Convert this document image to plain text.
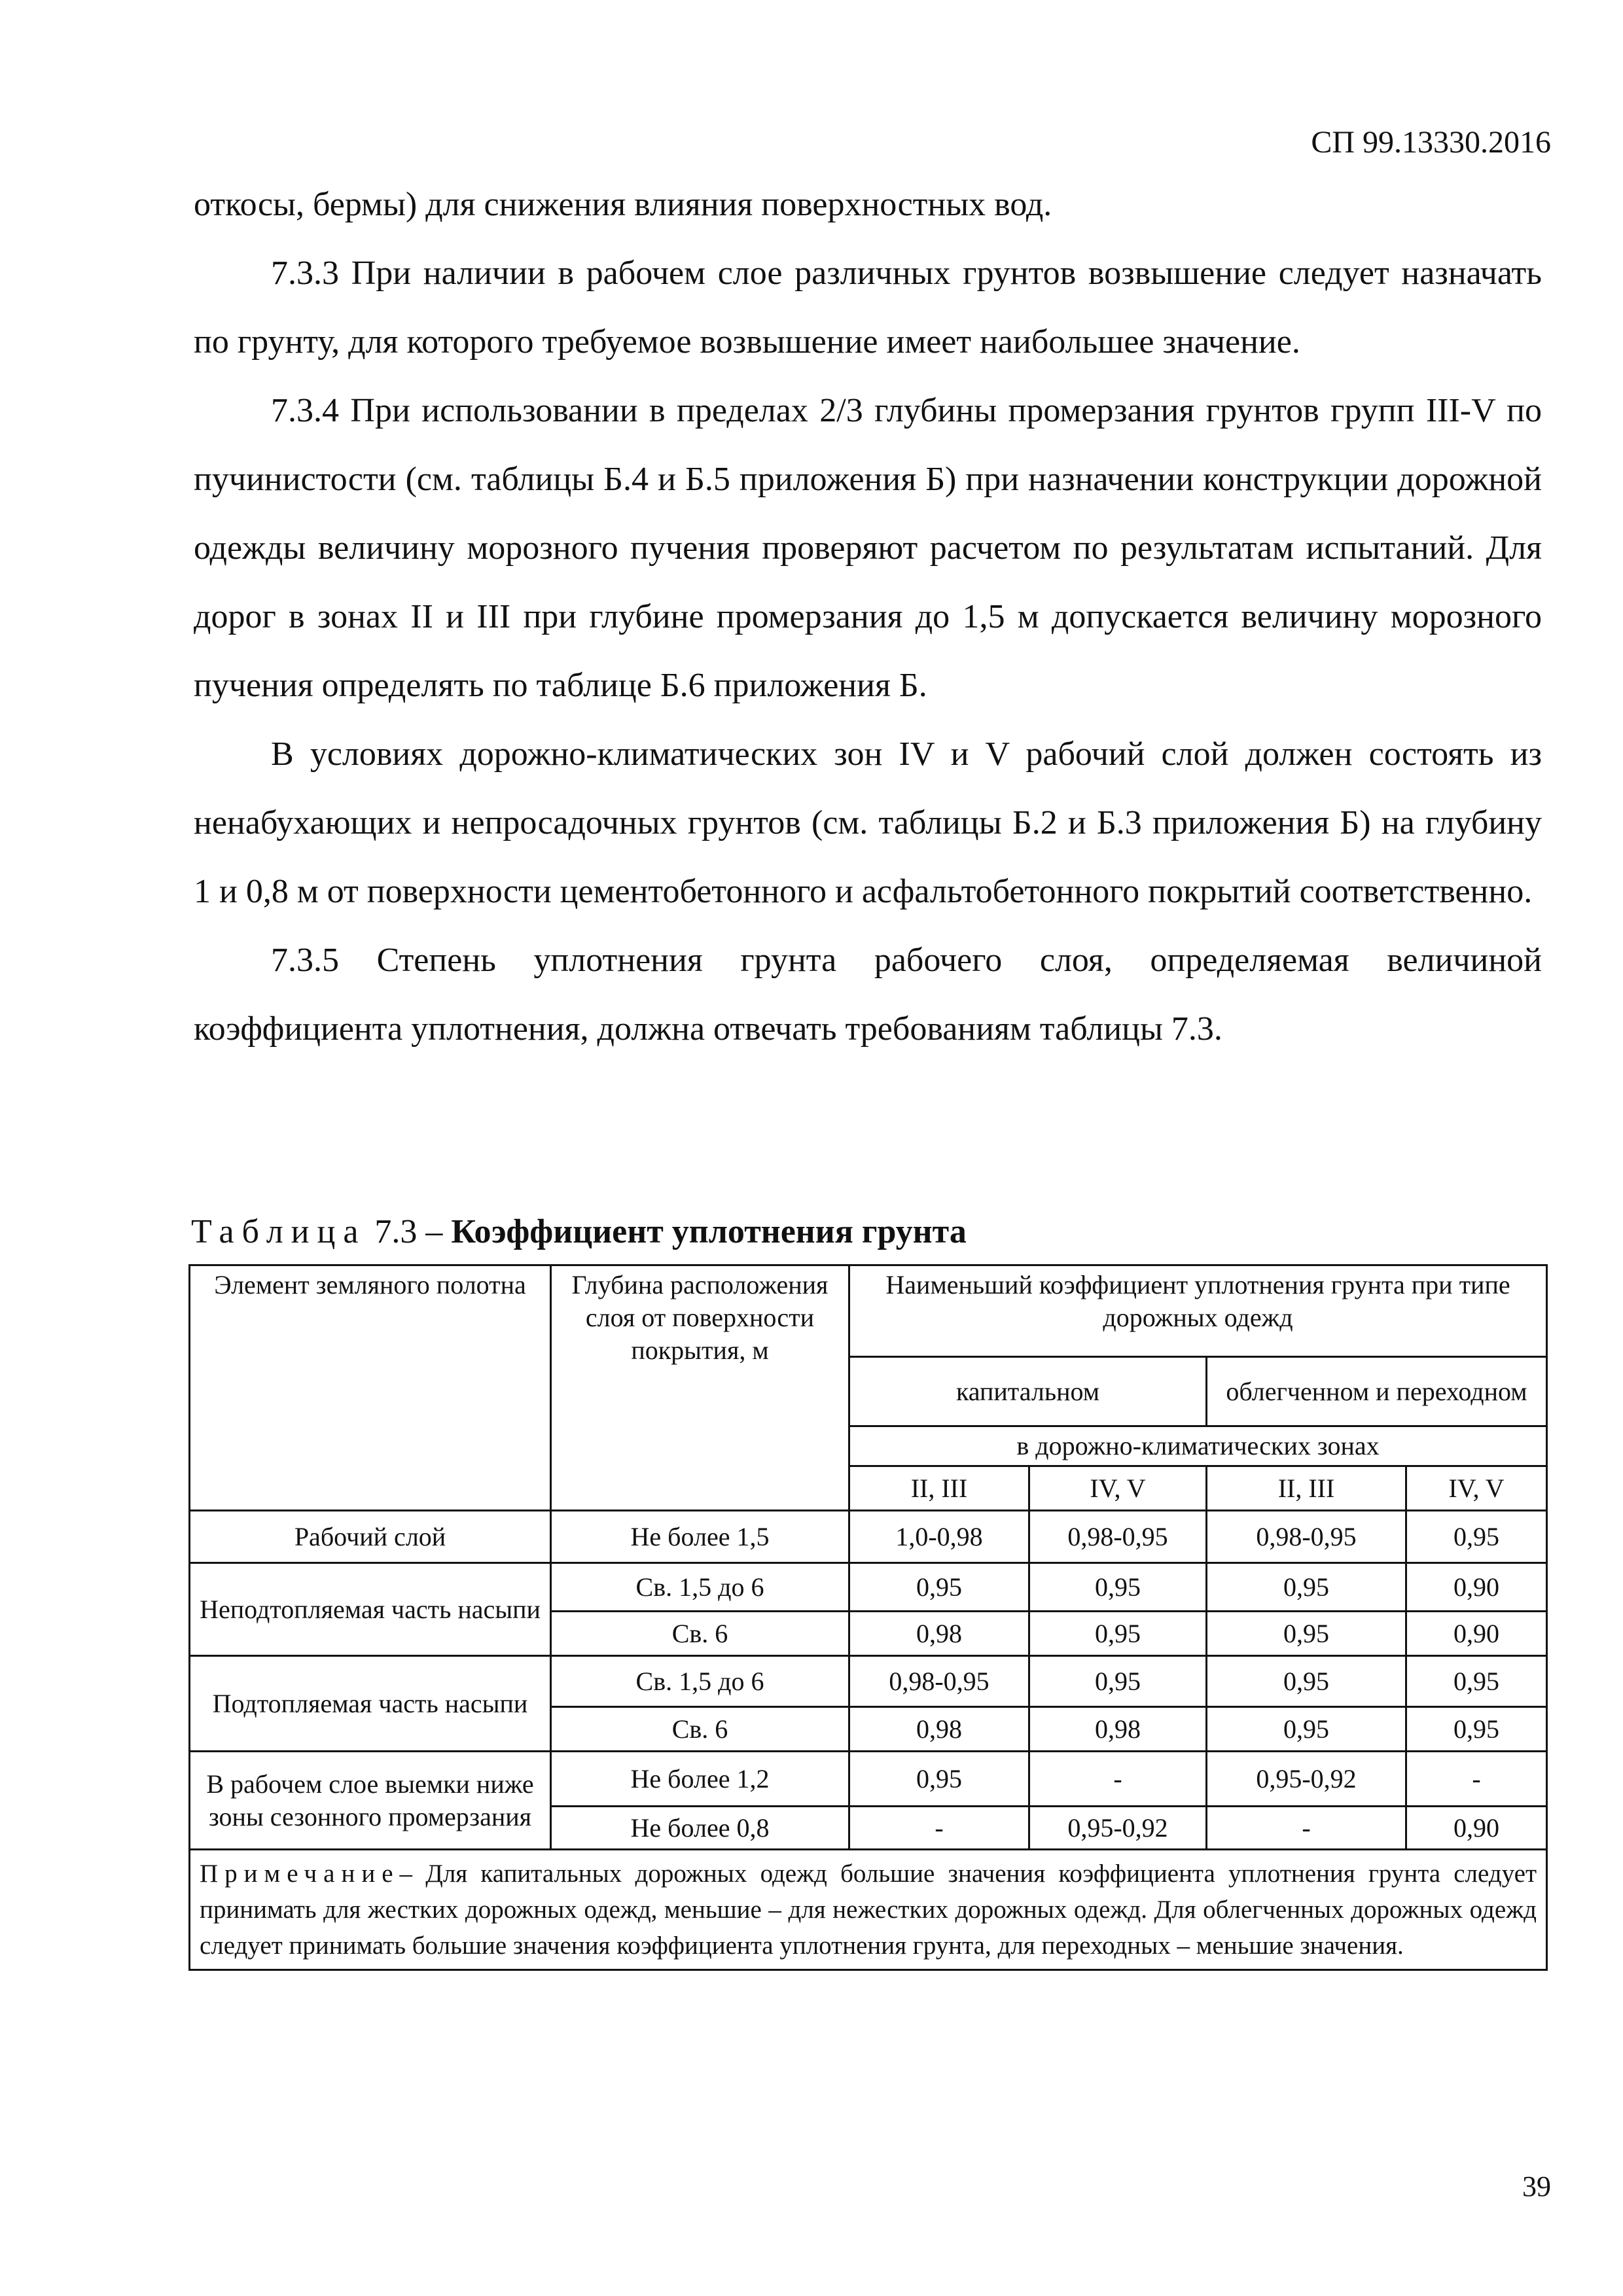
СП 99.13330.2016

откосы, бермы) для снижения влияния поверхностных вод.

7.3.3 При наличии в рабочем слое различных грунтов возвышение следует назначать по грунту, для которого требуемое возвышение имеет наибольшее значение.

7.3.4 При использовании в пределах 2/3 глубины промерзания грунтов групп III-V по пучинистости (см. таблицы Б.4 и Б.5 приложения Б) при назначении конструкции дорожной одежды величину морозного пучения проверяют расчетом по результатам испытаний. Для дорог в зонах II и III при глубине промерзания до 1,5 м допускается величину морозного пучения определять по таблице Б.6 приложения Б.

В условиях дорожно-климатических зон IV и V рабочий слой должен состоять из ненабухающих и непросадочных грунтов (см. таблицы Б.2 и Б.3 приложения Б) на глубину 1 и 0,8 м от поверхности цементобетонного и асфальтобетонного покрытий соответственно.

7.3.5 Степень уплотнения грунта рабочего слоя, определяемая величиной коэффициента уплотнения, должна отвечать требованиям таблицы 7.3.

Таблица 7.3 – Коэффициент уплотнения грунта
Элемент земляного полотна	Глубина расположения слоя от поверхности покрытия, м	Наименьший коэффициент уплотнения грунта при типе дорожных одежд			
		капитальном		облегченном и переходном	
		в дорожно-климатических зонах			
		II, III	IV, V	II, III	IV, V
Рабочий слой	Не более 1,5	1,0-0,98	0,98-0,95	0,98-0,95	0,95
Неподтопляемая часть насыпи	Св. 1,5 до 6	0,95	0,95	0,95	0,90
	Св. 6	0,98	0,95	0,95	0,90
Подтопляемая часть насыпи	Св. 1,5 до 6	0,98-0,95	0,95	0,95	0,95
	Св. 6	0,98	0,98	0,95	0,95
В рабочем слое выемки ниже зоны сезонного промерзания	Не более 1,2	0,95	-	0,95-0,92	-
	Не более 0,8	-	0,95-0,92	-	0,90
Примечание– Для капитальных дорожных одежд большие значения коэффициента уплотнения грунта следует принимать для жестких дорожных одежд, меньшие – для нежестких дорожных одежд. Для облегченных дорожных одежд следует принимать большие значения коэффициента уплотнения грунта, для переходных – меньшие значения.					
39
